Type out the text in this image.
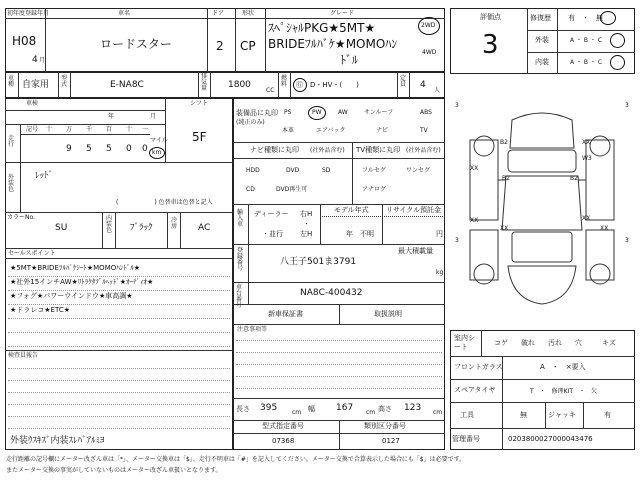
初年度登録年月
H08
4 月
車名
ロードスター
ドア
2
形状
CP
グレード
ｽﾍﾟｼｬﾙPKG★5MT★
BRIDEﾌﾙﾊﾞｹ★MOMOﾊﾝ
ﾄﾞﾙ
2WD
4WD
車種 自家用
型式	E-NA8C
排気量 1800
CC
燃料 Ⓖ・D・HV・(　　)
定員 4
人
車検
年	月
シフト
5F
走行
記号 十 万 千 百 十 一
9 5 5 0 0
マイル
km
外装色
ﾚｯﾄﾞ
(　　　　　　) 色替車は色替と記入
カラーNo.
SU
内装色 ﾌﾞﾗｯｸ
冷房 AC
セールスポイント
★5MT★BRIDEﾌﾙﾊﾞｹｼｰﾄ★MOMOﾊﾝﾄﾞﾙ★
★社外15インチAW★ﾘﾄﾗｸﾀﾌﾞﾙﾍｯﾄﾞ★ｵｰﾃﾞｨｵ★
★フォグ★パワーウインドウ★車高調★
★ドラレコ★ETC★
検査員報告
外装ｳｽｷｽﾞ内装ｽﾚﾊﾞｱﾙﾐﾖ
装備品に丸印
(純正のみ)
PS	PW	AW	サンルーフ	ABS
本革	エアバック	ナビ	TV
ナビ種類に丸印 (社外品含む) TV種類に丸印 (社外品含む)
HDD	DVD	SD
CD	DVD再生可
フルセグ	ワンセグ
アナログ
輸入車
ディーラー
・並行
右H
・
左H
モデル年式
年　不明
リサイクル預託金
円
登録番号
最大積載量
八王子501ま3791
kg
車台番号
NA8C-400432
新車保証書	取扱説明
注意事項等
長さ 395 cm 幅 167 cm 高さ 123 cm
型式指定番号
07368
類別区分番号
0127
評価点
3
修復歴 有　・　無
外装	A ・ B ・ C
内装	A ・ B ・ C
3	3
3	3
B2
XX
B2
XX
XX
XX
W3
B2
XX
XX
室内シート
コゲ 破れ 汚れ 穴	キズ
フロントガラス	A　・　×要入
スペアタイヤ	T　・　修理KIT　・　欠
工具	無	ジャッキ	有
管理番号	0203800027000043476
走行距離の記号欄にメーター改ざん車は「*」、メーター交換車は「$」、走行不明車は「#」を記入してください。メーター交換で合算表示した場合にも「$」は必要です。
またメーター交換の事実がしていないものはメーター改ざん車扱いとなります。
